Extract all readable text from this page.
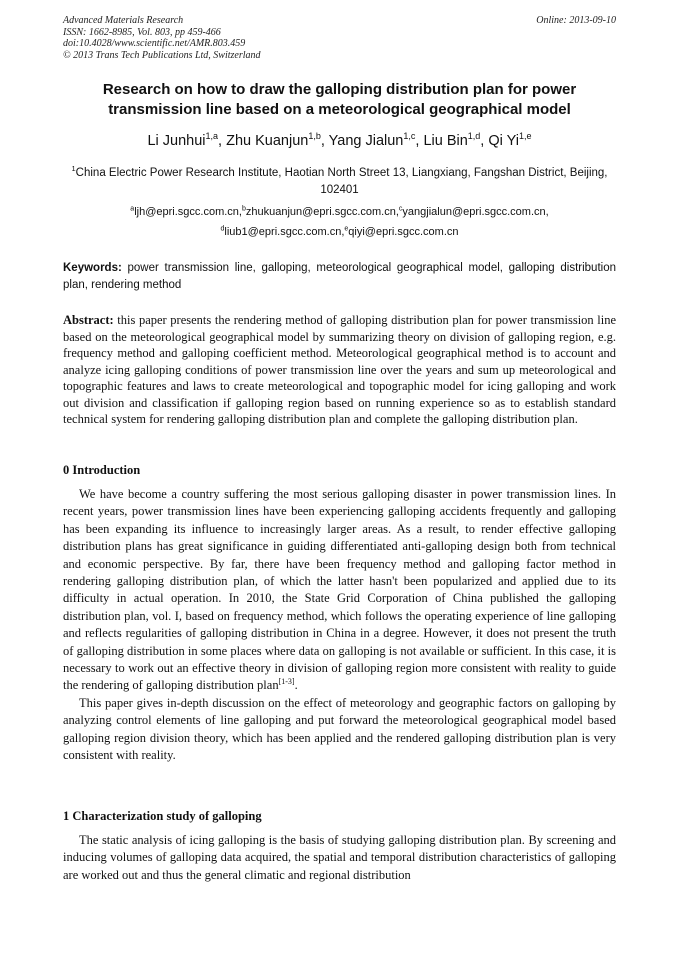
Advanced Materials Research
ISSN: 1662-8985, Vol. 803, pp 459-466
doi:10.4028/www.scientific.net/AMR.803.459
© 2013 Trans Tech Publications Ltd, Switzerland
Online: 2013-09-10
Research on how to draw the galloping distribution plan for power
transmission line based on a meteorological geographical model
Li Junhui$^{1,a}$, Zhu Kuanjun$^{1,b}$, Yang Jialun$^{1,c}$, Liu Bin$^{1,d}$, Qi Yi$^{1,e}$
$^1$China Electric Power Research Institute, Haotian North Street 13, Liangxiang, Fangshan District, Beijing, 102401
$^a$ljh@epri.sgcc.com.cn,$^b$zhukuanjun@epri.sgcc.com.cn,$^c$yangjialun@epri.sgcc.com.cn,
$^d$liub1@epri.sgcc.com.cn,$^e$qiyi@epri.sgcc.com.cn
Keywords: power transmission line, galloping, meteorological geographical model, galloping distribution plan, rendering method
Abstract: this paper presents the rendering method of galloping distribution plan for power transmission line based on the meteorological geographical model by summarizing theory on division of galloping region, e.g. frequency method and galloping coefficient method. Meteorological geographical method is to account and analyze icing galloping conditions of power transmission line over the years and sum up meteorological and topographic features and laws to create meteorological and topographic model for icing galloping and work out division and classification if galloping region based on running experience so as to establish standard technical system for rendering galloping distribution plan and complete the galloping distribution plan.
0 Introduction

We have become a country suffering the most serious galloping disaster in power transmission lines. In recent years, power transmission lines have been experiencing galloping accidents frequently and galloping has been expanding its influence to increasingly larger areas. As a result, to render effective galloping distribution plans has great significance in guiding differentiated anti-galloping design both from technical and economic perspective. By far, there have been frequency method and galloping factor method in rendering galloping distribution plan, of which the latter hasn't been popularized and applied due to its difficulty in actual operation. In 2010, the State Grid Corporation of China published the galloping distribution plan, vol. I, based on frequency method, which follows the operating experience of line galloping and reflects regularities of galloping distribution in China in a degree. However, it does not present the truth of galloping distribution in some places where data on galloping is not available or sufficient. In this case, it is necessary to work out an effective theory in division of galloping region more consistent with reality to guide the rendering of galloping distribution plan[1-3].

This paper gives in-depth discussion on the effect of meteorology and geographic factors on galloping by analyzing control elements of line galloping and put forward the meteorological geographical model based galloping region division theory, which has been applied and the rendered galloping distribution plan is very consistent with reality.

1 Characterization study of galloping

The static analysis of icing galloping is the basis of studying galloping distribution plan. By screening and inducing volumes of galloping data acquired, the spatial and temporal distribution characteristics of galloping are worked out and thus the general climatic and regional distribution
